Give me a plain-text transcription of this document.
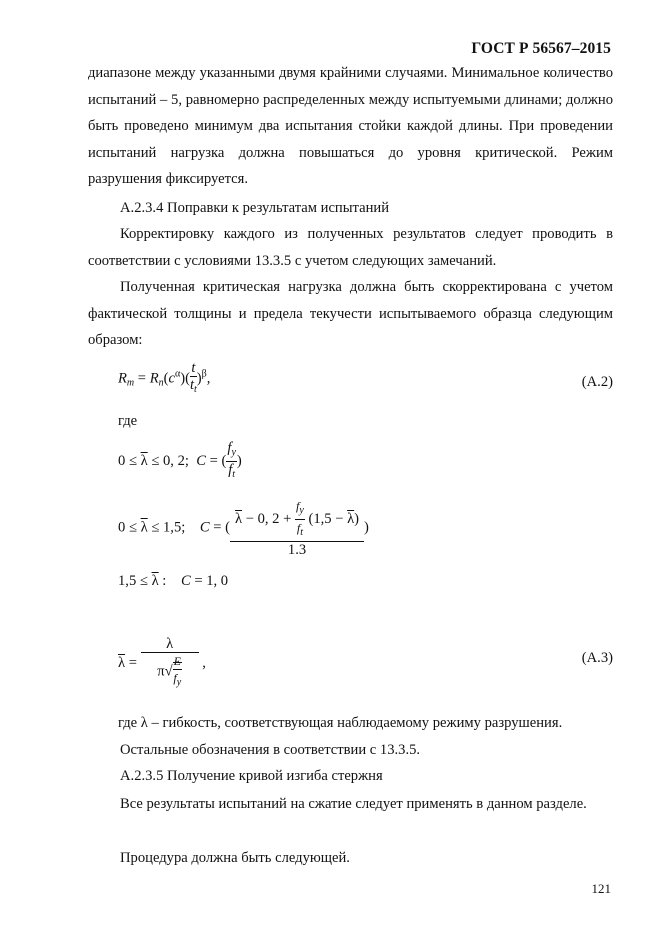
ГОСТ Р 56567–2015
диапазоне между указанными двумя крайними случаями. Минимальное количество испытаний – 5, равномерно распределенных между испытуемыми длинами; должно быть проведено минимум два испытания стойки каждой длины. При проведении испытаний нагрузка должна повышаться до уровня критической. Режим разрушения фиксируется.
А.2.3.4 Поправки к результатам испытаний
Корректировку каждого из полученных результатов следует проводить в соответствии с условиями 13.3.5 с учетом следующих замечаний.
Полученная критическая нагрузка должна быть скорректирована с учетом фактической толщины и предела текучести испытываемого образца следующим образом:
$R_m = R_n(c^\alpha)( \frac{t}{t_t} )^\beta$,	(А.2)
где
$0 \le \overline{\lambda} \le 0$, 2;  C = ( $\frac{f_y}{f_t}$ )
$0 \le \overline{\lambda} \le 1,5$;    C = ( $\frac{\overline{\lambda} - 0, 2 + \frac{f_y}{f_t} (1,5 - \overline{\lambda})}{1.3}$ )
$1,5 \le \overline{\lambda}$ :    C = 1, 0
$\overline{\lambda} = \frac{\lambda}{\pi√ \frac{E}{f_y}}$ ,	(А.3)
где λ – гибкость, соответствующая наблюдаемому режиму разрушения.
Остальные обозначения в соответствии с 13.3.5.
А.2.3.5 Получение кривой изгиба стержня
Все результаты испытаний на сжатие следует применять в данном разделе.
Процедура должна быть следующей.
121
